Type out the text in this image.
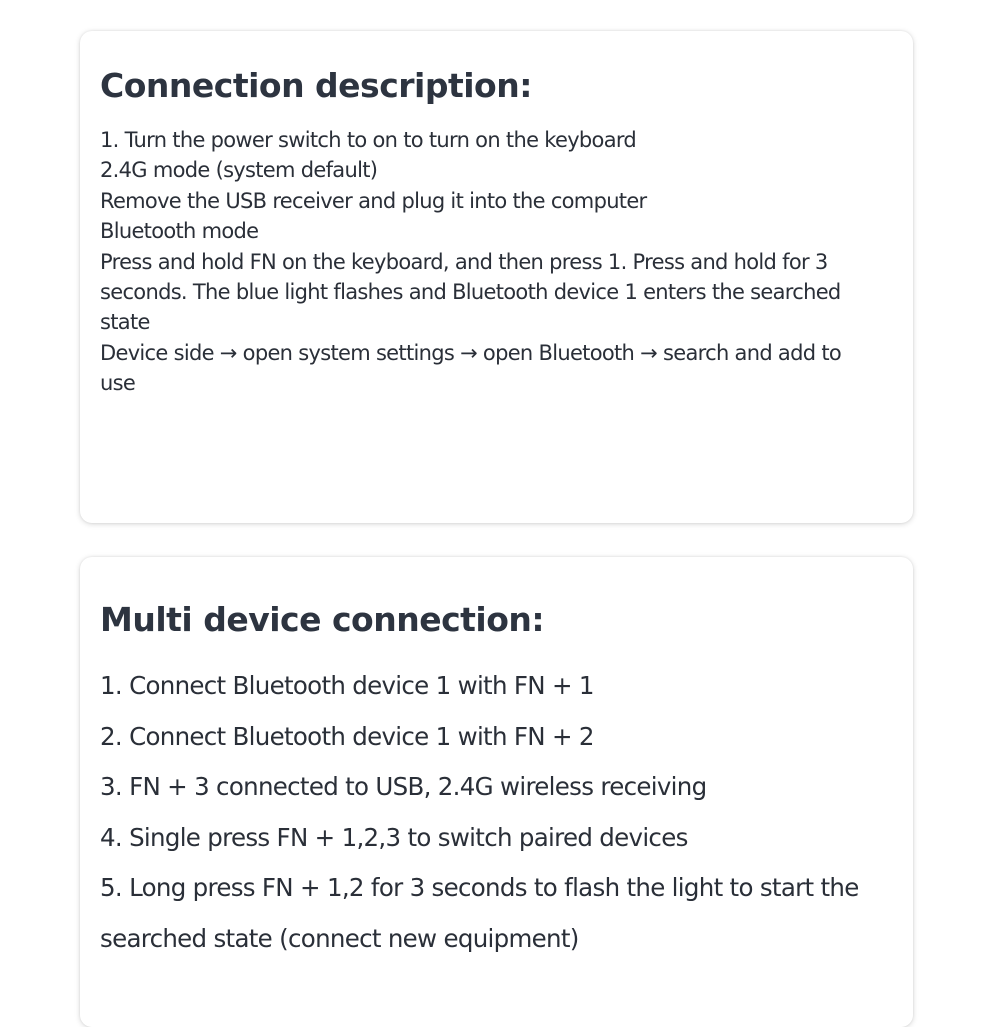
Connection description:

1. Turn the power switch to on to turn on the keyboard

2.4G mode (system default)

Remove the USB receiver and plug it into the computer

Bluetooth mode

Press and hold FN on the keyboard, and then press 1. Press and hold for 3 seconds. The blue light flashes and Bluetooth device 1 enters the searched state

Device side → open system settings → open Bluetooth → search and add to use

Multi device connection:

1. Connect Bluetooth device 1 with FN + 1

2. Connect Bluetooth device 1 with FN + 2

3. FN + 3 connected to USB, 2.4G wireless receiving

4. Single press FN + 1,2,3 to switch paired devices

5. Long press FN + 1,2 for 3 seconds to flash the light to start the searched state (connect new equipment)
